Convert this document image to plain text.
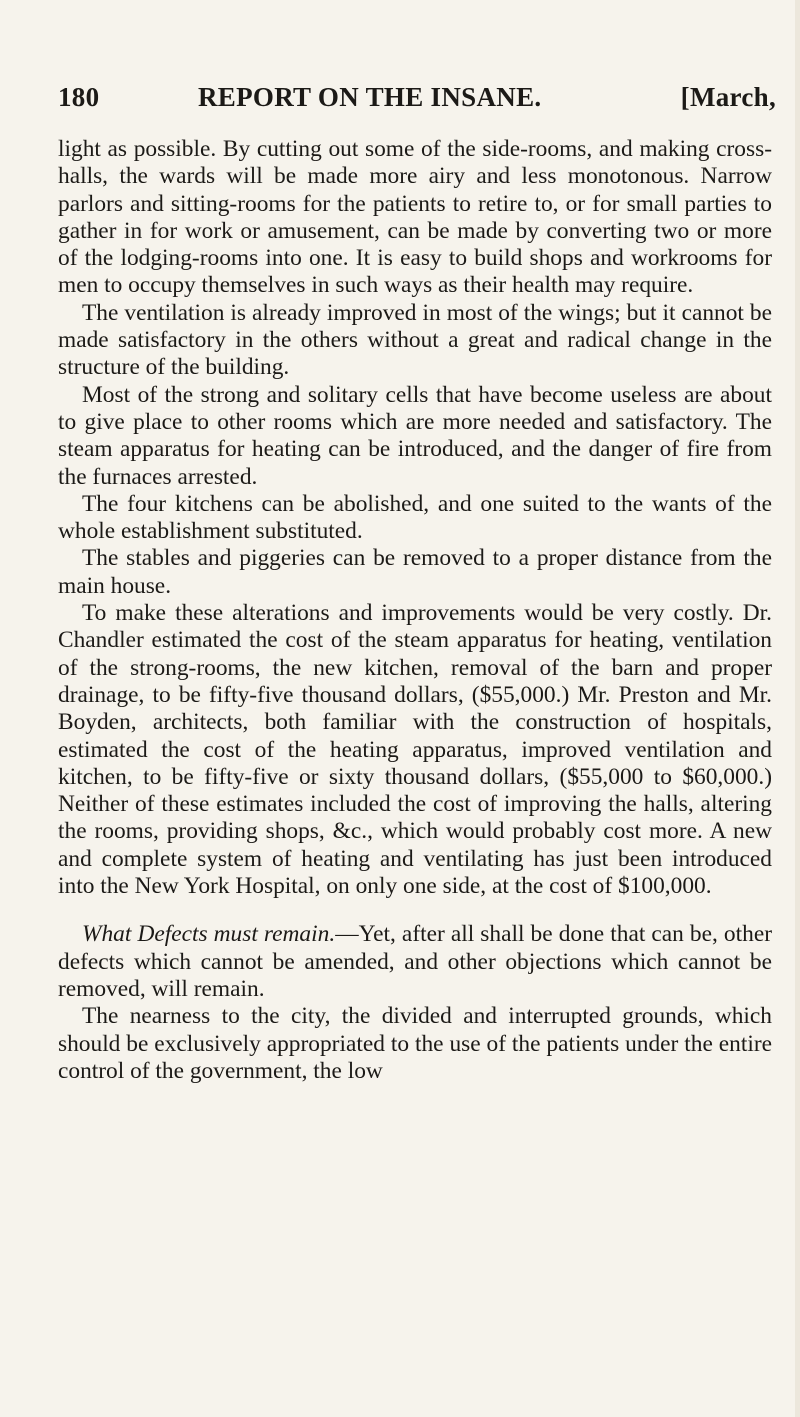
180	REPORT ON THE INSANE.	[March,

light as possible. By cutting out some of the side-rooms, and making cross-halls, the wards will be made more airy and less monotonous. Narrow parlors and sitting-rooms for the patients to retire to, or for small parties to gather in for work or amusement, can be made by converting two or more of the lodging-rooms into one. It is easy to build shops and workrooms for men to occupy themselves in such ways as their health may require.

The ventilation is already improved in most of the wings; but it cannot be made satisfactory in the others without a great and radical change in the structure of the building.

Most of the strong and solitary cells that have become useless are about to give place to other rooms which are more needed and satisfactory. The steam apparatus for heating can be introduced, and the danger of fire from the furnaces arrested.

The four kitchens can be abolished, and one suited to the wants of the whole establishment substituted.

The stables and piggeries can be removed to a proper distance from the main house.

To make these alterations and improvements would be very costly. Dr. Chandler estimated the cost of the steam apparatus for heating, ventilation of the strong-rooms, the new kitchen, removal of the barn and proper drainage, to be fifty-five thousand dollars, ($55,000.) Mr. Preston and Mr. Boyden, architects, both familiar with the construction of hospitals, estimated the cost of the heating apparatus, improved ventilation and kitchen, to be fifty-five or sixty thousand dollars, ($55,000 to $60,000.) Neither of these estimates included the cost of improving the halls, altering the rooms, providing shops, &c., which would probably cost more. A new and complete system of heating and ventilating has just been introduced into the New York Hospital, on only one side, at the cost of $100,000.

What Defects must remain.—Yet, after all shall be done that can be, other defects which cannot be amended, and other objections which cannot be removed, will remain.

The nearness to the city, the divided and interrupted grounds, which should be exclusively appropriated to the use of the patients under the entire control of the government, the low
